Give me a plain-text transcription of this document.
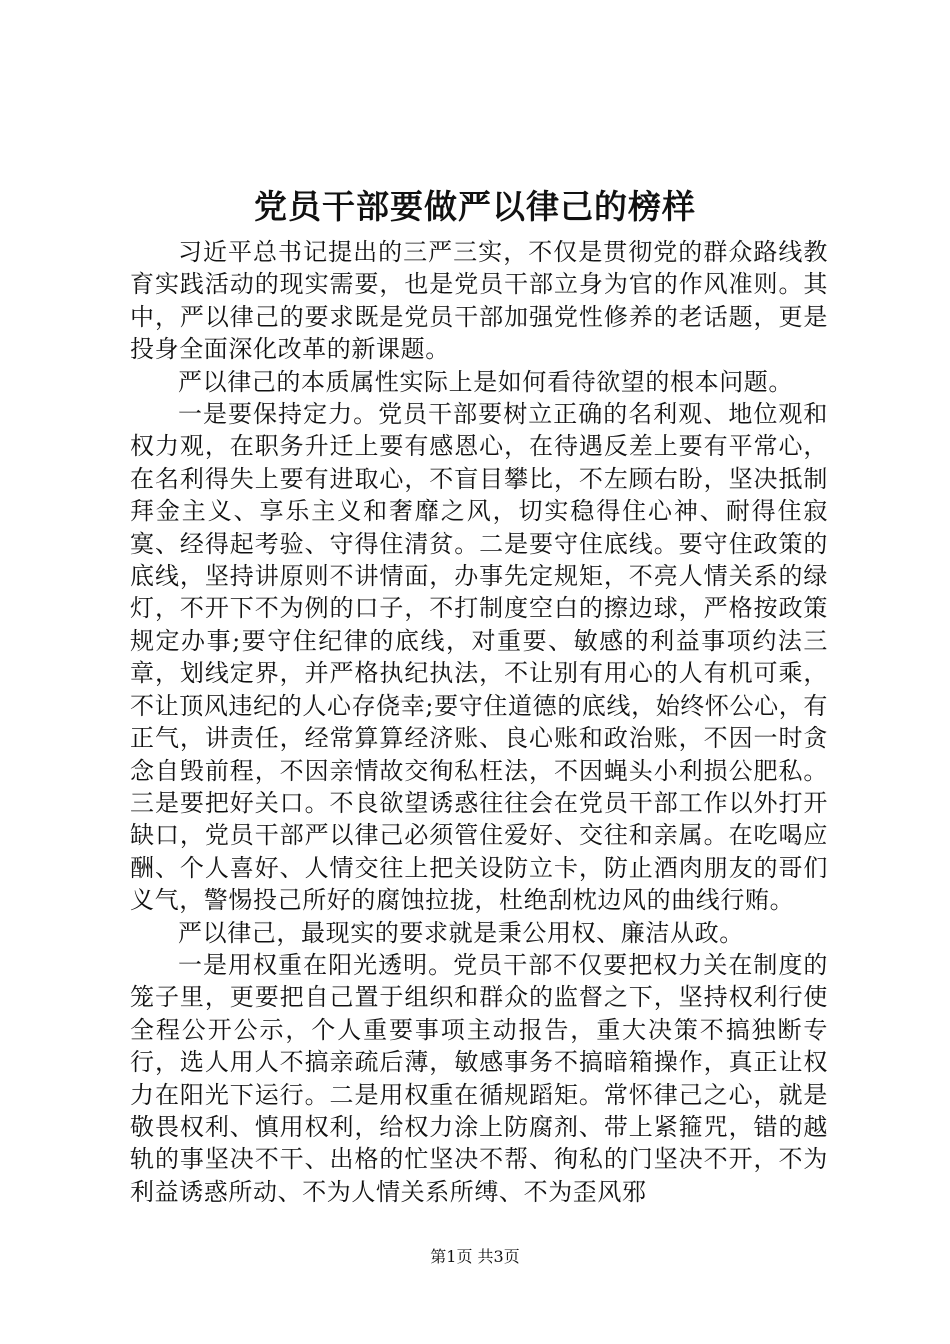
党员干部要做严以律己的榜样

习近平总书记提出的三严三实，不仅是贯彻党的群众路线教育实践活动的现实需要，也是党员干部立身为官的作风准则。其中，严以律己的要求既是党员干部加强党性修养的老话题，更是投身全面深化改革的新课题。

严以律己的本质属性实际上是如何看待欲望的根本问题。

一是要保持定力。党员干部要树立正确的名利观、地位观和权力观，在职务升迁上要有感恩心，在待遇反差上要有平常心，在名利得失上要有进取心，不盲目攀比，不左顾右盼，坚决抵制拜金主义、享乐主义和奢靡之风，切实稳得住心神、耐得住寂寞、经得起考验、守得住清贫。二是要守住底线。要守住政策的底线，坚持讲原则不讲情面，办事先定规矩，不亮人情关系的绿灯，不开下不为例的口子，不打制度空白的擦边球，严格按政策规定办事;要守住纪律的底线，对重要、敏感的利益事项约法三章，划线定界，并严格执纪执法，不让别有用心的人有机可乘，不让顶风违纪的人心存侥幸;要守住道德的底线，始终怀公心，有正气，讲责任，经常算算经济账、良心账和政治账，不因一时贪念自毁前程，不因亲情故交徇私枉法，不因蝇头小利损公肥私。三是要把好关口。不良欲望诱惑往往会在党员干部工作以外打开缺口，党员干部严以律己必须管住爱好、交往和亲属。在吃喝应酬、个人喜好、人情交往上把关设防立卡，防止酒肉朋友的哥们义气，警惕投己所好的腐蚀拉拢，杜绝刮枕边风的曲线行贿。

严以律己，最现实的要求就是秉公用权、廉洁从政。

一是用权重在阳光透明。党员干部不仅要把权力关在制度的笼子里，更要把自己置于组织和群众的监督之下，坚持权利行使全程公开公示，个人重要事项主动报告，重大决策不搞独断专行，选人用人不搞亲疏后薄，敏感事务不搞暗箱操作，真正让权力在阳光下运行。二是用权重在循规蹈矩。常怀律己之心，就是敬畏权利、慎用权利，给权力涂上防腐剂、带上紧箍咒，错的越轨的事坚决不干、出格的忙坚决不帮、徇私的门坚决不开，不为利益诱惑所动、不为人情关系所缚、不为歪风邪

第1页 共3页
